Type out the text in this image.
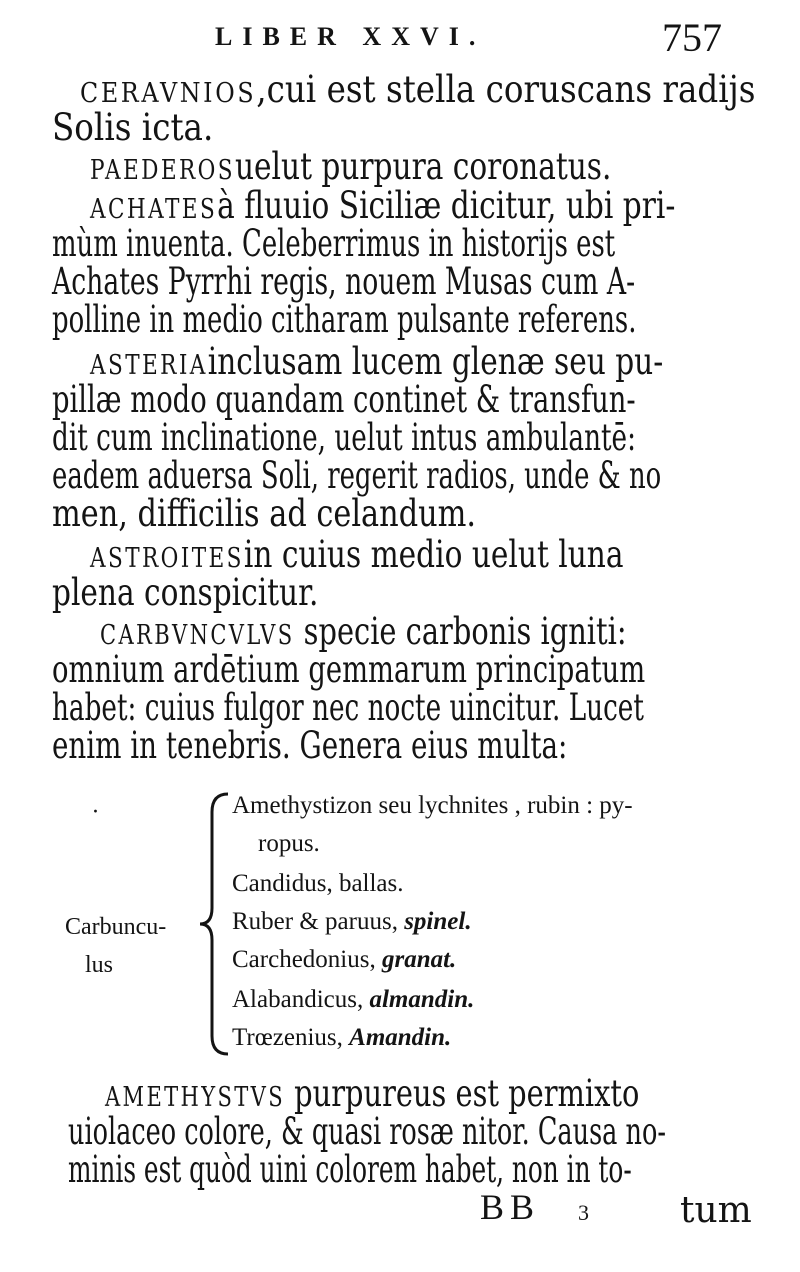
LIBER XXVI.	757
CERAVNIOS,cui est stella coruscans radijs
Solis icta.
PAEDEROSuelut purpura coronatus.
ACHATESà fluuio Siciliæ dicitur, ubi pri-
mùm inuenta. Celeberrimus in historijs est
Achates Pyrrhi regis, nouem Musas cum A-
polline in medio citharam pulsante referens.
ASTERIAinclusam lucem glenæ seu pu-
pillæ modo quandam continet & transfun-
dit cum inclinatione, uelut intus ambulantē:
eadem aduersa Soli, regerit radios, unde & no
men, difficilis ad celandum.
ASTROITESin cuius medio uelut luna
plena conspicitur.
CARBVNCVLVS specie carbonis igniti:
omnium ardētium gemmarum principatum
habet: cuius fulgor nec nocte uincitur. Lucet
enim in tenebris. Genera eius multa:
·
Carbuncu-
lus
Amethystizon seu lychnites , rubin : py-
ropus.
Candidus, ballas.
Ruber & paruus, spinel.
Carchedonius, granat.
Alabandicus, almandin.
Trœzenius, Amandin.
AMETHYSTVS purpureus est permixto
uiolaceo colore, & quasi rosæ nitor. Causa no-
minis est quòd uini colorem habet, non in to-
BB 3	tum
